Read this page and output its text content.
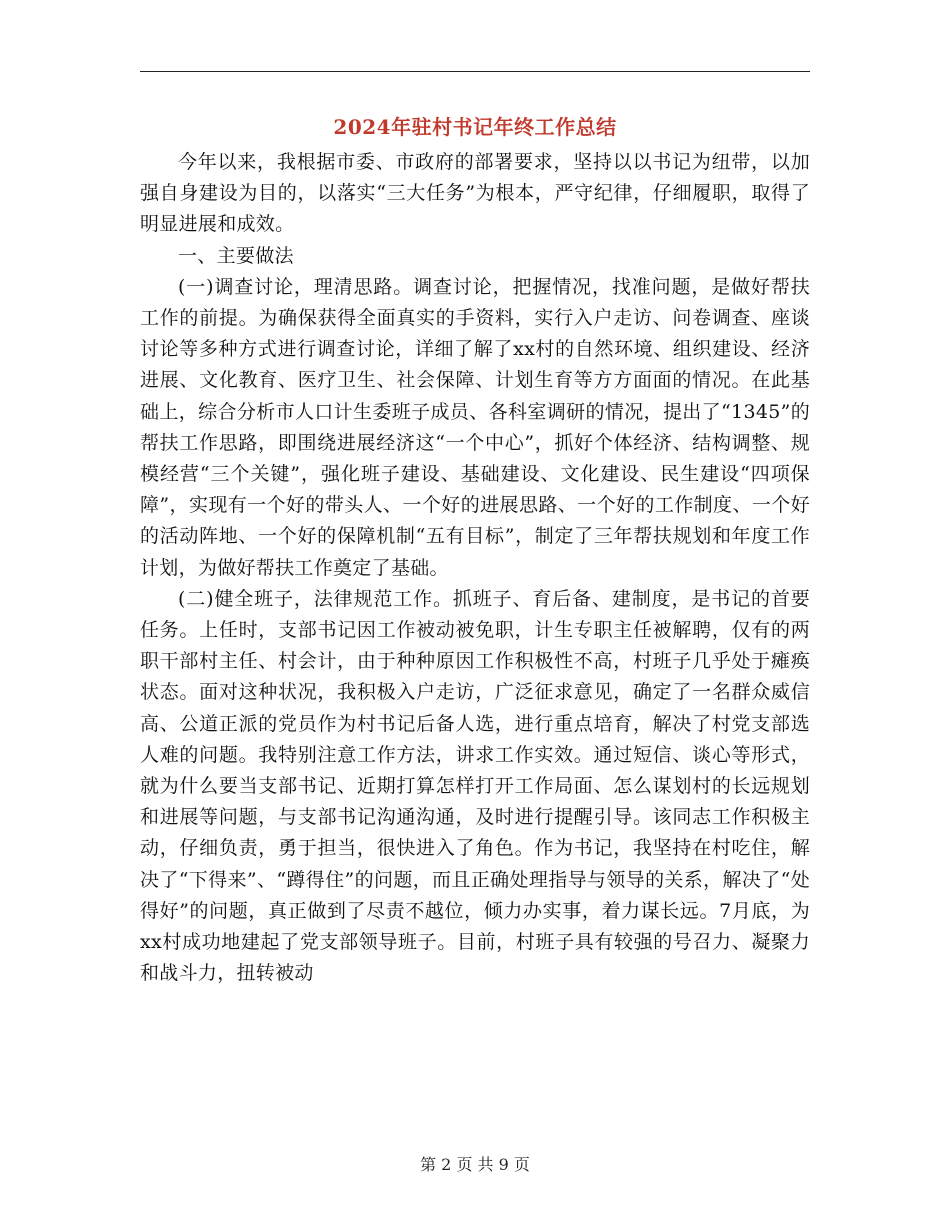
2024年驻村书记年终工作总结

今年以来，我根据市委、市政府的部署要求，坚持以以书记为纽带，以加强自身建设为目的，以落实“三大任务”为根本，严守纪律，仔细履职，取得了明显进展和成效。

一、主要做法

(一)调查讨论，理清思路。调查讨论，把握情况，找准问题，是做好帮扶工作的前提。为确保获得全面真实的手资料，实行入户走访、问卷调查、座谈讨论等多种方式进行调查讨论，详细了解了xx村的自然环境、组织建设、经济进展、文化教育、医疗卫生、社会保障、计划生育等方方面面的情况。在此基础上，综合分析市人口计生委班子成员、各科室调研的情况，提出了“1345”的帮扶工作思路，即围绕进展经济这“一个中心”，抓好个体经济、结构调整、规模经营“三个关键”，强化班子建设、基础建设、文化建设、民生建设“四项保障”，实现有一个好的带头人、一个好的进展思路、一个好的工作制度、一个好的活动阵地、一个好的保障机制“五有目标”，制定了三年帮扶规划和年度工作计划，为做好帮扶工作奠定了基础。

(二)健全班子，法律规范工作。抓班子、育后备、建制度，是书记的首要任务。上任时，支部书记因工作被动被免职，计生专职主任被解聘，仅有的两职干部村主任、村会计，由于种种原因工作积极性不高，村班子几乎处于瘫痪状态。面对这种状况，我积极入户走访，广泛征求意见，确定了一名群众威信高、公道正派的党员作为村书记后备人选，进行重点培育，解决了村党支部选人难的问题。我特别注意工作方法，讲求工作实效。通过短信、谈心等形式，就为什么要当支部书记、近期打算怎样打开工作局面、怎么谋划村的长远规划和进展等问题，与支部书记沟通沟通，及时进行提醒引导。该同志工作积极主动，仔细负责，勇于担当，很快进入了角色。作为书记，我坚持在村吃住，解决了“下得来”、“蹲得住”的问题，而且正确处理指导与领导的关系，解决了“处得好”的问题，真正做到了尽责不越位，倾力办实事，着力谋长远。7月底，为xx村成功地建起了党支部领导班子。目前，村班子具有较强的号召力、凝聚力和战斗力，扭转被动

第 2 页 共 9 页
